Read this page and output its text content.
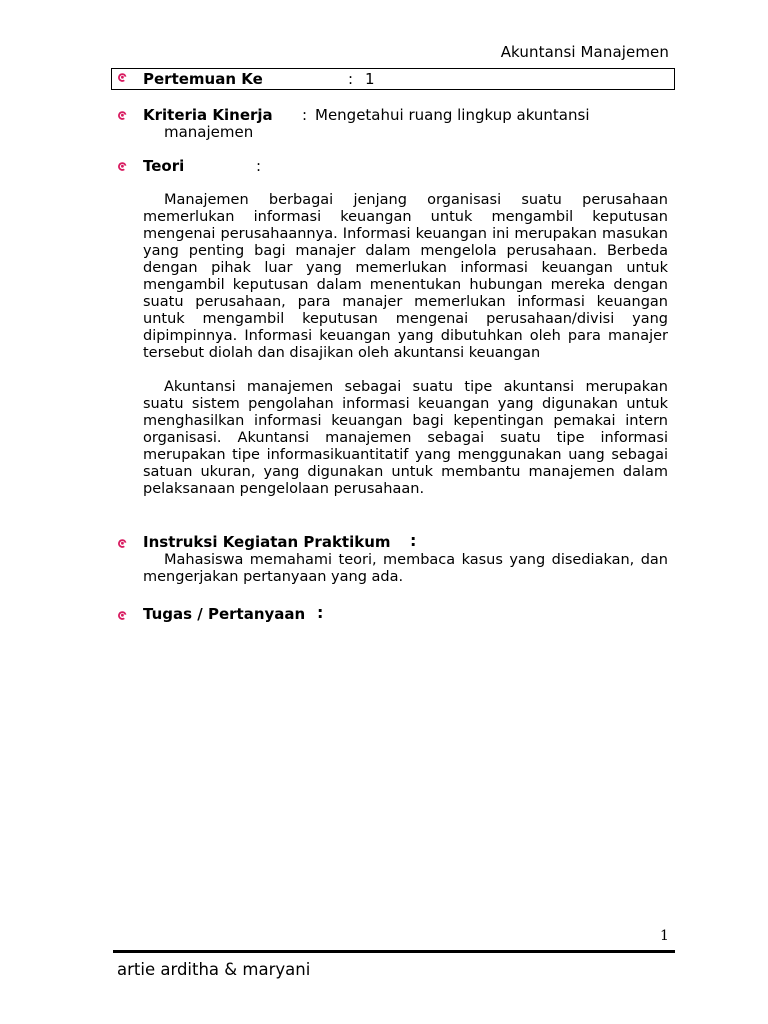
Akuntansi Manajemen
Pertemuan Ke	: 1
Kriteria Kinerja : Mengetahui ruang lingkup akuntansi
manajemen
Teori	:
Manajemen berbagai jenjang organisasi suatu perusahaan memerlukan informasi keuangan untuk mengambil keputusan mengenai perusahaannya. Informasi keuangan ini merupakan masukan yang penting bagi manajer dalam mengelola perusahaan. Berbeda dengan pihak luar yang memerlukan informasi keuangan untuk mengambil keputusan dalam menentukan hubungan mereka dengan suatu perusahaan, para manajer memerlukan informasi keuangan untuk mengambil keputusan mengenai perusahaan/divisi yang dipimpinnya. Informasi keuangan yang dibutuhkan oleh para manajer tersebut diolah dan disajikan oleh akuntansi keuangan
Akuntansi manajemen sebagai suatu tipe akuntansi merupakan suatu sistem pengolahan informasi keuangan yang digunakan untuk menghasilkan informasi keuangan bagi kepentingan pemakai intern organisasi. Akuntansi manajemen sebagai suatu tipe informasi merupakan tipe informasikuantitatif yang menggunakan uang sebagai satuan ukuran, yang digunakan untuk membantu manajemen dalam pelaksanaan pengelolaan perusahaan.
Instruksi Kegiatan Praktikum :
Mahasiswa memahami teori, membaca kasus yang disediakan, dan mengerjakan pertanyaan yang ada.
Tugas / Pertanyaan :
1
artie arditha & maryani
